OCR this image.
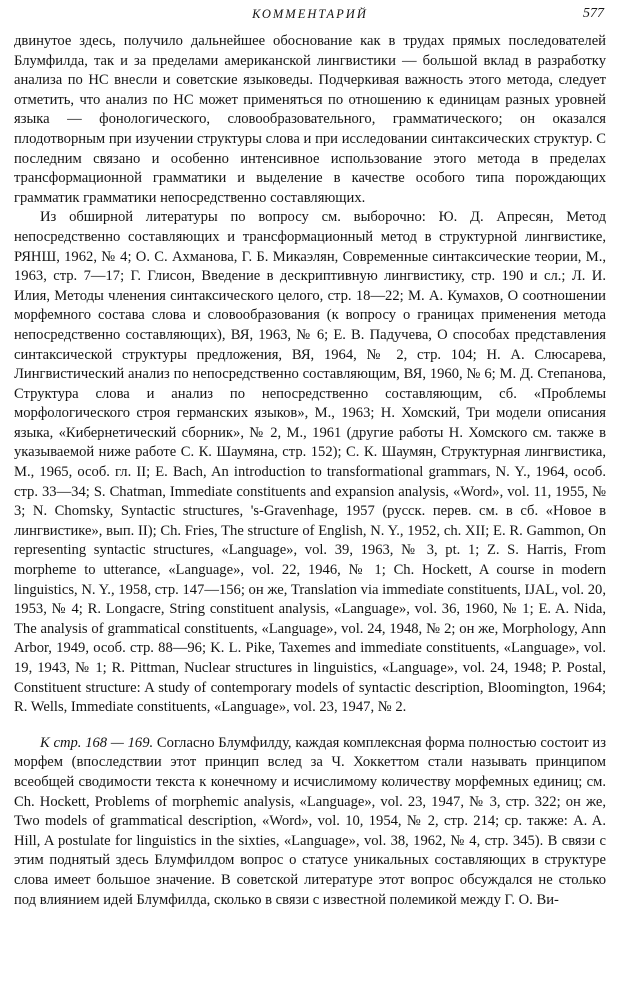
КОММЕНТАРИЙ	577

двинутое здесь, получило дальнейшее обоснование как в трудах прямых последователей Блумфилда, так и за пределами американской лингвистики — большой вклад в разработку анализа по НС внесли и советские языковеды. Подчеркивая важность этого метода, следует отметить, что анализ по НС может применяться по отношению к единицам разных уровней языка — фонологического, словообразовательного, грамматического; он оказался плодотворным при изучении структуры слова и при исследовании синтаксических структур. С последним связано и особенно интенсивное использование этого метода в пределах трансформационной грамматики и выделение в качестве особого типа порождающих грамматик грамматики непосредственно составляющих.

Из обширной литературы по вопросу см. выборочно: Ю. Д. Апресян, Метод непосредственно составляющих и трансформационный метод в структурной лингвистике, РЯНШ, 1962, № 4; О. С. Ахманова, Г. Б. Микаэлян, Современные синтаксические теории, М., 1963, стр. 7—17; Г. Глисон, Введение в дескриптивную лингвистику, стр. 190 и сл.; Л. И. Илия, Методы членения синтаксического целого, стр. 18—22; М. А. Кумахов, О соотношении морфемного состава слова и словообразования (к вопросу о границах применения метода непосредственно составляющих), ВЯ, 1963, № 6; Е. В. Падучева, О способах представления синтаксической структуры предложения, ВЯ, 1964, № 2, стр. 104; Н. А. Слюсарева, Лингвистический анализ по непосредственно составляющим, ВЯ, 1960, № 6; М. Д. Степанова, Структура слова и анализ по непосредственно составляющим, сб. «Проблемы морфологического строя германских языков», М., 1963; Н. Хомский, Три модели описания языка, «Кибернетический сборник», № 2, М., 1961 (другие работы Н. Хомского см. также в указываемой ниже работе С. К. Шаумяна, стр. 152); С. К. Шаумян, Структурная лингвистика, М., 1965, особ. гл. II; E. Bach, An introduction to transformational grammars, N. Y., 1964, особ. стр. 33—34; S. Chatman, Immediate constituents and expansion analysis, «Word», vol. 11, 1955, № 3; N. Chomsky, Syntactic structures, 's-Gravenhage, 1957 (русск. перев. см. в сб. «Новое в лингвистике», вып. II); Ch. Fries, The structure of English, N. Y., 1952, ch. XII; E. R. Gammon, On representing syntactic structures, «Language», vol. 39, 1963, № 3, pt. 1; Z. S. Harris, From morpheme to utterance, «Language», vol. 22, 1946, № 1; Ch. Hockett, A course in modern linguistics, N. Y., 1958, стр. 147—156; он же, Translation via immediate constituents, IJAL, vol. 20, 1953, № 4; R. Longacre, String constituent analysis, «Language», vol. 36, 1960, № 1; E. A. Nida, The analysis of grammatical constituents, «Language», vol. 24, 1948, № 2; он же, Morphology, Ann Arbor, 1949, особ. стр. 88—96; K. L. Pike, Taxemes and immediate constituents, «Language», vol. 19, 1943, № 1; R. Pittman, Nuclear structures in linguistics, «Language», vol. 24, 1948; P. Postal, Constituent structure: A study of contemporary models of syntactic description, Bloomington, 1964; R. Wells, Immediate constituents, «Language», vol. 23, 1947, № 2.

К стр. 168 — 169. Согласно Блумфилду, каждая комплексная форма полностью состоит из морфем (впоследствии этот принцип вслед за Ч. Хоккеттом стали называть принципом всеобщей сводимости текста к конечному и исчислимому количеству морфемных единиц; см. Ch. Hockett, Problems of morphemic analysis, «Language», vol. 23, 1947, № 3, стр. 322; он же, Two models of grammatical description, «Word», vol. 10, 1954, № 2, стр. 214; ср. также: A. A. Hill, A postulate for linguistics in the sixties, «Language», vol. 38, 1962, № 4, стр. 345). В связи с этим поднятый здесь Блумфилдом вопрос о статусе уникальных составляющих в структуре слова имеет большое значение. В советской литературе этот вопрос обсуждался не столько под влиянием идей Блумфилда, сколько в связи с известной полемикой между Г. О. Ви-
